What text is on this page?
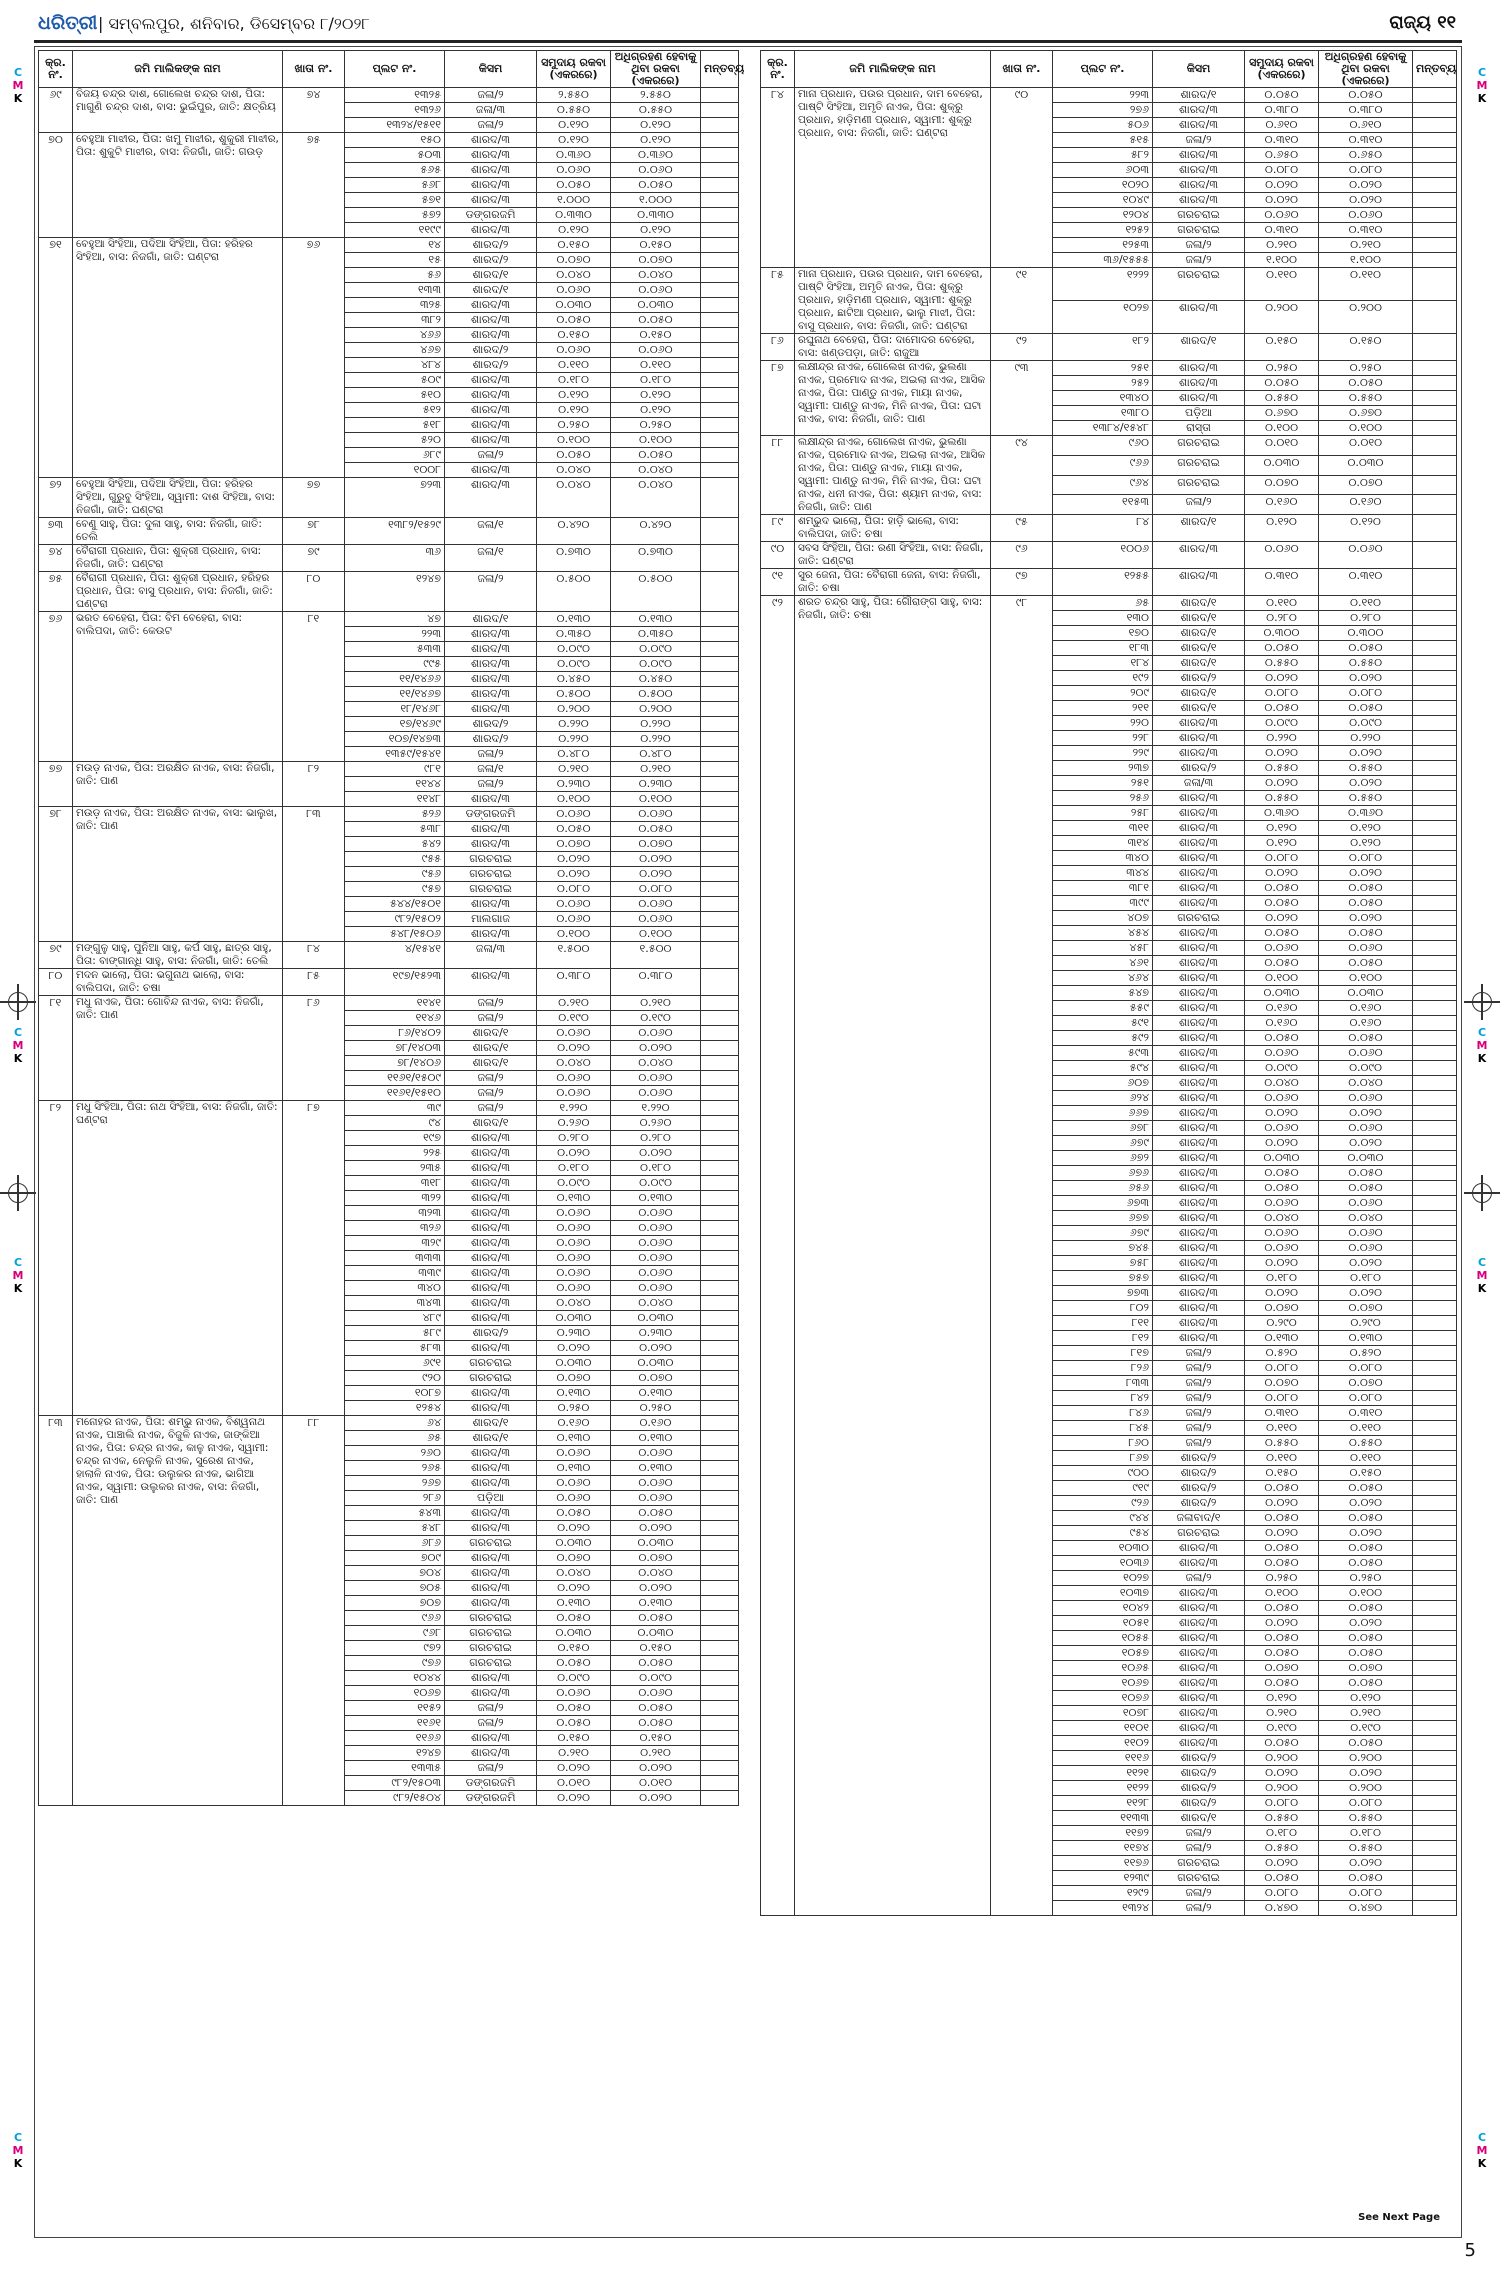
ଧରିତ୍ରୀ | ସମ୍ବଲପୁର, ଶନିବାର, ଡିସେମ୍ବର ୮/୨୦୨୮	ରାଜ୍ୟ ୧୧
କ୍ର. ନଂ.	ଜମି ମାଲିକଙ୍କ ନାମ	ଖାତା ନଂ.	ପ୍ଲଟ ନଂ.	କିସମ	ସମୁଦାୟ ରକବା (ଏକରରେ)	ଅଧିଗ୍ରହଣ ହେବାକୁ ଥିବା ରକବା (ଏକରରେ)	ମନ୍ତବ୍ୟ
୬୯	ବିଜୟ ଚନ୍ଦ୍ର ଦାଶ, ଗୋଲେଖ ଚନ୍ଦ୍ର ଦାଶ, ପିତା: ମାଗୁଣି ଚନ୍ଦ୍ର ଦାଶ, ବାସ: ଭୁଇଁପୁର, ଜାତି: କ୍ଷତ୍ରିୟ	୭୪	୧୩୨୫	ଜଳା/୨	୨.୫୫୦	୨.୫୫୦	
			୧୩୨୬	ଜଳା/୩	୦.୫୫୦	୦.୫୫୦	
			୧୩୨୪/୧୫୧୧	ଜଳା/୨	୦.୧୨୦	୦.୧୨୦	
୭୦	ବେହୁଆ ମାଝୀର, ପିତା: ଖମୁ ମାଝୀର, ଶୁକୁରୀ ମାଝୀର, ପିତା: ଶୁକୁଟି ମାଝୀର, ବାସ: ନିଜଗାଁ, ଜାତି: ଗଉଡ଼	୭୫	୧୫୦	ଶାରଦ/୩	୦.୧୨୦	୦.୧୨୦	
			୫୦୩	ଶାରଦ/୩	୦.୩୬୦	୦.୩୬୦	
			୫୬୫	ଶାରଦ/୩	୦.୦୬୦	୦.୦୬୦	
			୫୬୮	ଶାରଦ/୩	୦.୦୫୦	୦.୦୫୦	
			୫୭୧	ଶାରଦ/୩	୧.୦୦୦	୧.୦୦୦	
			୫୭୨	ଡଙ୍ଗରଜମି	୦.୩୩୦	୦.୩୩୦	
			୧୧୯୯	ଶାରଦ/୩	୦.୧୨୦	୦.୧୨୦	
୭୧	ବେହୁଆ ସିଂହିଆ, ପଦିଆ ସିଂହିଆ, ପିତା: ହରିହର ସିଂହିଆ, ବାସ: ନିଜଗାଁ, ଜାତି: ଘଣ୍ଟରା	୭୬	୧୪	ଶାରଦ/୨	୦.୧୫୦	୦.୧୫୦	
			୧୫	ଶାରଦ/୨	୦.୦୭୦	୦.୦୭୦	
			୫୬	ଶାରଦ/୧	୦.୦୪୦	୦.୦୪୦	
			୧୩୩	ଶାରଦ/୧	୦.୦୬୦	୦.୦୬୦	
			୩୨୫	ଶାରଦ/୩	୦.୦୩୦	୦.୦୩୦	
			୩୮୨	ଶାରଦ/୩	୦.୦୫୦	୦.୦୫୦	
			୪୬୬	ଶାରଦ/୩	୦.୧୫୦	୦.୧୫୦	
			୪୬୭	ଶାରଦ/୨	୦.୦୬୦	୦.୦୬୦	
			୪୮୪	ଶାରଦ/୨	୦.୧୧୦	୦.୧୧୦	
			୫୦୯	ଶାରଦ/୩	୦.୧୮୦	୦.୧୮୦	
			୫୧୦	ଶାରଦ/୩	୦.୧୨୦	୦.୧୨୦	
			୫୧୨	ଶାରଦ/୩	୦.୧୨୦	୦.୧୨୦	
			୫୧୮	ଶାରଦ/୩	୦.୨୫୦	୦.୨୫୦	
			୫୨୦	ଶାରଦ/୩	୦.୧୦୦	୦.୧୦୦	
			୬୮୯	ଜଳା/୨	୦.୦୫୦	୦.୦୫୦	
			୧୦୦୮	ଶାରଦ/୩	୦.୦୪୦	୦.୦୪୦	
୭୨	ବେହୁଆ ସିଂହିଆ, ପଦିଆ ସିଂହିଆ, ପିତା: ହରିହର ସିଂହିଆ, ଗୁରୁବୁ ସିଂହିଆ, ସ୍ୱାମୀ: ଦାଶ ସିଂହିଆ, ବାସ: ନିଜଗାଁ, ଜାତି: ଘଣ୍ଟରା	୭୭	୭୨୩	ଶାରଦ/୩	୦.୦୪୦	୦.୦୪୦	
୭୩	ବେଣୁ ସାହୁ, ପିତା: ଦୁଳା ସାହୁ, ବାସ: ନିଜଗାଁ, ଜାତି: ତେଲି	୭୮	୧୩୮୨/୧୫୨୯	ଜଳା/୧	୦.୪୨୦	୦.୪୨୦	
୭୪	ବୈରାଗୀ ପ୍ରଧାନ, ପିତା: ଶୁକ୍ରୀ ପ୍ରଧାନ, ବାସ: ନିଜଗାଁ, ଜାତି: ଘଣ୍ଟରା	୭୯	୩୬	ଜଳା/୧	୦.୭୩୦	୦.୭୩୦	
୭୫	ବୈରାଗୀ ପ୍ରଧାନ, ପିତା: ଶୁକ୍ରୀ ପ୍ରଧାନ, ହରିହର ପ୍ରଧାନ, ପିତା: ବାସୁ ପ୍ରଧାନ, ବାସ: ନିଜଗାଁ, ଜାତି: ଘଣ୍ଟରା	୮୦	୧୨୪୭	ଜଳା/୨	୦.୫୦୦	୦.୫୦୦	
୭୬	ଭରତ ବେହେରା, ପିତା: ବିମ ବେହେରା, ବାସ: ବାଲିପଦା, ଜାତି: କେଉଟ	୮୧	୪୭	ଶାରଦ/୧	୦.୧୩୦	୦.୧୩୦	
			୨୨୩	ଶାରଦ/୩	୦.୩୫୦	୦.୩୫୦	
			୫୩୩	ଶାରଦ/୩	୦.୦୯୦	୦.୦୯୦	
			୯୯୫	ଶାରଦ/୩	୦.୦୯୦	୦.୦୯୦	
			୧୧/୧୪୬୬	ଶାରଦ/୩	୦.୪୫୦	୦.୪୫୦	
			୧୧/୧୪୬୭	ଶାରଦ/୩	୦.୫୦୦	୦.୫୦୦	
			୧୮/୧୪୬୮	ଶାରଦ/୩	୦.୨୦୦	୦.୨୦୦	
			୧୭/୧୪୬୯	ଶାରଦ/୨	୦.୨୨୦	୦.୨୨୦	
			୧୦୭/୧୪୭୩	ଶାରଦ/୨	୦.୨୨୦	୦.୨୨୦	
			୧୩୫୯/୧୫୪୧	ଜଳା/୨	୦.୪୮୦	୦.୪୮୦	
୭୭	ମଉଡ଼ ନାଏକ, ପିତା: ଅରକ୍ଷିତ ନାଏକ, ବାସ: ନିଜଗାଁ, ଜାତି: ପାଣ	୮୨	୯୮୧	ଜଳା/୧	୦.୨୧୦	୦.୨୧୦	
			୧୧୪୪	ଜଳା/୨	୦.୨୩୦	୦.୨୩୦	
			୧୧୪୮	ଶାରଦ/୩	୦.୧୦୦	୦.୧୦୦	
୭୮	ମଉଡ଼ ନାଏକ, ପିତା: ଅରକ୍ଷିତ ନାଏକ, ବାସ: ଭାଲୁଖ, ଜାତି: ପାଣ	୮୩	୫୨୬	ଡଙ୍ଗରଜମି	୦.୦୬୦	୦.୦୬୦	
			୫୩୮	ଶାରଦ/୩	୦.୦୫୦	୦.୦୫୦	
			୫୪୨	ଶାରଦ/୩	୦.୦୭୦	୦.୦୭୦	
			୯୫୫	ଗରଚରାଇ	୦.୦୨୦	୦.୦୨୦	
			୯୫୬	ଗରଚରାଇ	୦.୦୨୦	୦.୦୨୦	
			୯୫୭	ଗରଚରାଇ	୦.୦୮୦	୦.୦୮୦	
			୫୪୪/୧୫୦୧	ଶାରଦ/୩	୦.୦୬୦	୦.୦୬୦	
			୯୮୨/୧୫୦୨	ମାଲଗାଜ	୦.୦୬୦	୦.୦୬୦	
			୫୪୮/୧୫୦୬	ଶାରଦ/୩	୦.୧୦୦	୦.୧୦୦	
୭୯	ମଙ୍ଗୁଳୁ ସାହୁ, ପୁନିଆ ସାହୁ, କର୍ପ ସାହୁ, ଛାତ୍ର ସାହୁ, ପିତା: ବାଙ୍ଗାନ୍ଧି ସାହୁ, ବାସ: ନିଜଗାଁ, ଜାତି: ତେଲି	୮୪	୪/୧୫୪୧	ଜଳା/୩	୧.୫୦୦	୧.୫୦୦	
୮୦	ମଦନ ଭାଲୋ, ପିତା: ଭଗୁନାଥ ଭାଲୋ, ବାସ: ବାଲିପଦା, ଜାତି: ଚଷା	୮୫	୧୯୭/୧୫୨୩	ଶାରଦ/୩	୦.୩୮୦	୦.୩୮୦	
୮୧	ମଧୁ ନାଏକ, ପିତା: ଗୋବିନ୍ଦ ନାଏକ, ବାସ: ନିଜଗାଁ, ଜାତି: ପାଣ	୮୬	୧୧୪୧	ଜଳା/୨	୦.୨୧୦	୦.୨୧୦	
			୧୧୪୬	ଜଳା/୨	୦.୧୯୦	୦.୧୯୦	
			୮୬/୧୪୦୨	ଶାରଦ/୧	୦.୦୬୦	୦.୦୬୦	
			୭୮/୧୪୦୩	ଶାରଦ/୧	୦.୦୨୦	୦.୦୨୦	
			୭୮/୧୪୦୬	ଶାରଦ/୧	୦.୦୪୦	୦.୦୪୦	
			୧୧୬୧/୧୫୦୯	ଜଳା/୨	୦.୦୬୦	୦.୦୬୦	
			୧୧୬୧/୧୫୧୦	ଜଳା/୨	୦.୦୬୦	୦.୦୬୦	
୮୨	ମଧୁ ସିଂହିଆ, ପିତା: ନାଥ ସିଂହିଆ, ବାସ: ନିଜଗାଁ, ଜାତି: ଘଣ୍ଟରା	୮୭	୩୯	ଜଳା/୨	୧.୨୨୦	୧.୨୨୦	
			୯୪	ଶାରଦ/୧	୦.୨୬୦	୦.୨୬୦	
			୧୯୭	ଶାରଦ/୩	୦.୨୮୦	୦.୨୮୦	
			୨୨୫	ଶାରଦ/୩	୦.୦୨୦	୦.୦୨୦	
			୨୩୫	ଶାରଦ/୩	୦.୧୮୦	୦.୧୮୦	
			୩୧୮	ଶାରଦ/୩	୦.୦୯୦	୦.୦୯୦	
			୩୨୨	ଶାରଦ/୩	୦.୧୩୦	୦.୧୩୦	
			୩୨୩	ଶାରଦ/୩	୦.୦୬୦	୦.୦୬୦	
			୩୨୬	ଶାରଦ/୩	୦.୦୬୦	୦.୦୬୦	
			୩୨୯	ଶାରଦ/୩	୦.୦୬୦	୦.୦୬୦	
			୩୩୩	ଶାରଦ/୩	୦.୦୬୦	୦.୦୬୦	
			୩୩୯	ଶାରଦ/୩	୦.୦୬୦	୦.୦୬୦	
			୩୪୦	ଶାରଦ/୩	୦.୦୬୦	୦.୦୬୦	
			୩୪୩	ଶାରଦ/୩	୦.୦୪୦	୦.୦୪୦	
			୪୮୯	ଶାରଦ/୩	୦.୦୩୦	୦.୦୩୦	
			୫୮୯	ଶାରଦ/୨	୦.୨୩୦	୦.୨୩୦	
			୫୮୩	ଶାରଦ/୩	୦.୦୨୦	୦.୦୨୦	
			୬୯୧	ଗରଚରାଇ	୦.୦୩୦	୦.୦୩୦	
			୯୨୦	ଗରଚରାଇ	୦.୦୭୦	୦.୦୭୦	
			୧୦୮୭	ଶାରଦ/୩	୦.୧୩୦	୦.୧୩୦	
			୧୨୫୪	ଶାରଦ/୩	୦.୨୫୦	୦.୨୫୦	
୮୩	ମନୋହର ନାଏକ, ପିତା: ଶମ୍ଭୁ ନାଏକ, ବିଶ୍ୱନାଥ ନାଏକ, ପାଞ୍ଚାଲି ନାଏକ, ବିଜୁଳି ନାଏକ, ଜାଙ୍କିଆ ନାଏକ, ପିତା: ଚନ୍ଦ୍ର ନାଏକ, କାଳୁ ନାଏକ, ସ୍ୱାମୀ: ଚନ୍ଦ୍ର ନାଏକ, ନେଲୁଳି ନାଏକ, ସୁରେଶ ନାଏକ, ହାଲାଳି ନାଏକ, ପିତା: ଉଲୁକର ନାଏକ, ଭାଗିଆ ନାଏକ, ସ୍ୱାମୀ: ଉଲୁକର ନାଏକ, ବାସ: ନିଜଗାଁ, ଜାତି: ପାଣ	୮୮	୬୪	ଶାରଦ/୧	୦.୧୬୦	୦.୧୬୦	
			୬୫	ଶାରଦ/୧	୦.୧୩୦	୦.୧୩୦	
			୨୬୦	ଶାରଦ/୩	୦.୦୬୦	୦.୦୬୦	
			୨୬୫	ଶାରଦ/୩	୦.୧୩୦	୦.୧୩୦	
			୨୬୭	ଶାରଦ/୩	୦.୦୬୦	୦.୦୬୦	
			୨୮୬	ପଡ଼ିଆ	୦.୦୬୦	୦.୦୬୦	
			୫୪୩	ଶାରଦ/୩	୦.୦୫୦	୦.୦୫୦	
			୫୪୮	ଶାରଦ/୩	୦.୦୨୦	୦.୦୨୦	
			୬୮୬	ଗରଚରାଇ	୦.୦୩୦	୦.୦୩୦	
			୭୦୯	ଶାରଦ/୩	୦.୦୭୦	୦.୦୭୦	
			୭୦୪	ଶାରଦ/୩	୦.୦୪୦	୦.୦୪୦	
			୭୦୫	ଶାରଦ/୩	୦.୦୨୦	୦.୦୨୦	
			୭୦୭	ଶାରଦ/୩	୦.୧୩୦	୦.୧୩୦	
			୯୬୬	ଗରଚରାଇ	୦.୦୫୦	୦.୦୫୦	
			୯୬୮	ଗରଚରାଇ	୦.୦୩୦	୦.୦୩୦	
			୯୭୨	ଗରଚରାଇ	୦.୧୫୦	୦.୧୫୦	
			୯୭୬	ଗରଚରାଇ	୦.୦୫୦	୦.୦୫୦	
			୧୦୪୪	ଶାରଦ/୩	୦.୦୯୦	୦.୦୯୦	
			୧୦୬୭	ଶାରଦ/୩	୦.୦୬୦	୦.୦୬୦	
			୧୧୫୨	ଜଳା/୨	୦.୦୫୦	୦.୦୫୦	
			୧୧୬୧	ଜଳା/୨	୦.୦୫୦	୦.୦୫୦	
			୧୧୬୬	ଶାରଦ/୩	୦.୧୫୦	୦.୧୫୦	
			୧୨୪୭	ଶାରଦ/୩	୦.୨୧୦	୦.୨୧୦	
			୧୩୩୫	ଜଳା/୨	୦.୦୨୦	୦.୦୨୦	
			୯୮୨/୧୫୦୩	ଡଙ୍ଗରଜମି	୦.୦୧୦	୦.୦୧୦	
			୯୮୨/୧୫୦୪	ଡଙ୍ଗରଜମି	୦.୦୨୦	୦.୦୨୦	
କ୍ର. ନଂ.	ଜମି ମାଲିକଙ୍କ ନାମ	ଖାତା ନଂ.	ପ୍ଲଟ ନଂ.	କିସମ	ସମୁଦାୟ ରକବା (ଏକରରେ)	ଅଧିଗ୍ରହଣ ହେବାକୁ ଥିବା ରକବା (ଏକରରେ)	ମନ୍ତବ୍ୟ
୮୪	ମାନା ପ୍ରଧାନ, ପଉର ପ୍ରଧାନ, ଦାମ ବେହେରା, ପାଷ୍ଟି ସିଂହିଆ, ଅମୃତି ନାଏକ, ପିତା: ଶୁକ୍ରୁ ପ୍ରଧାନ, ହାଡ଼ିମଣୀ ପ୍ରଧାନ, ସ୍ୱାମୀ: ଶୁକ୍ରୁ ପ୍ରଧାନ, ବାସ: ନିଜଗାଁ, ଜାତି: ଘଣ୍ଟରା	୯୦	୨୨୩	ଶାରଦ/୧	୦.୦୫୦	୦.୦୫୦	
			୨୭୬	ଶାରଦ/୩	୦.୩୮୦	୦.୩୮୦	
			୫୦୬	ଶାରଦ/୩	୦.୬୧୦	୦.୬୧୦	
			୫୧୫	ଜଳା/୨	୦.୩୧୦	୦.୩୧୦	
			୫୮୨	ଶାରଦ/୩	୦.୬୫୦	୦.୬୫୦	
			୬୦୩	ଶାରଦ/୩	୦.୦୮୦	୦.୦୮୦	
			୧୦୨୦	ଶାରଦ/୩	୦.୦୨୦	୦.୦୨୦	
			୧୦୪୯	ଶାରଦ/୩	୦.୦୨୦	୦.୦୨୦	
			୧୨୦୪	ଗରଚରାଇ	୦.୦୬୦	୦.୦୬୦	
			୧୨୫୨	ଗରଚରାଇ	୦.୩୧୦	୦.୩୧୦	
			୧୨୫୩	ଜଳା/୨	୦.୨୧୦	୦.୨୧୦	
			୩୬/୧୫୫୫	ଜଳା/୨	୧.୧୦୦	୧.୧୦୦	
୮୫	ମାନା ପ୍ରଧାନ, ପଉର ପ୍ରଧାନ, ଦାମ ବେହେରା, ପାଷ୍ଟି ସିଂହିଆ, ଅମୃତି ନାଏକ, ପିତା: ଶୁକ୍ରୁ ପ୍ରଧାନ, ହାଡ଼ିମଣୀ ପ୍ରଧାନ, ସ୍ୱାମୀ: ଶୁକ୍ରୁ ପ୍ରଧାନ, ଛାଟିଆ ପ୍ରଧାନ, ଭାଲୁ ମାଝୀ, ପିତା: ବାସୁ ପ୍ରଧାନ, ବାସ: ନିଜଗାଁ, ଜାତି: ଘଣ୍ଟରା	୯୧	୧୨୨୨	ଗରଚରାଇ	୦.୧୧୦	୦.୧୧୦	
			୧୦୨୭	ଶାରଦ/୩	୦.୨୦୦	୦.୨୦୦	
୮୬	ରଘୁନାଥ ବେହେରା, ପିତା: ଦାମୋଦର ବେହେରା, ବାସ: ଖଣ୍ଡପଡ଼ା, ଜାତି: ରାଜୁଆ	୯୨	୧୮୨	ଶାରଦ/୧	୦.୧୫୦	୦.୧୫୦	
୮୭	ଲକ୍ଷୀନ୍ଦ୍ର ନାଏକ, ଗୋଲେଖ ନାଏକ, ଭୁଲଣା ନାଏକ, ପ୍ରମୋଦ ନାଏକ, ଅଇଲା ନାଏକ, ଆସିକ ନାଏକ, ପିତା: ପାଣ୍ଡୁ ନାଏକ, ମାୟା ନାଏକ, ସ୍ୱାମୀ: ପାଣ୍ଡୁ ନାଏକ, ମିନି ନାଏକ, ପିତା: ଘଟା ନାଏକ, ବାସ: ନିଜଗାଁ, ଜାତି: ପାଣ	୯୩	୨୫୧	ଶାରଦ/୩	୦.୨୫୦	୦.୨୫୦	
			୨୫୨	ଶାରଦ/୩	୦.୦୫୦	୦.୦୫୦	
			୧୩୪୦	ଶାରଦ/୩	୦.୫୫୦	୦.୫୫୦	
			୧୩୮୦	ପଡ଼ିଆ	୦.୬୭୦	୦.୬୭୦	
			୧୩୮୪/୧୫୪୮	ରାସ୍ତା	୦.୧୦୦	୦.୧୦୦	
୮୮	ଲକ୍ଷୀନ୍ଦ୍ର ନାଏକ, ଗୋଲେଖ ନାଏକ, ଭୁଲଣା ନାଏକ, ପ୍ରମୋଦ ନାଏକ, ଅଇଲା ନାଏକ, ଆସିକ ନାଏକ, ପିତା: ପାଣ୍ଡୁ ନାଏକ, ମାୟା ନାଏକ, ସ୍ୱାମୀ: ପାଣ୍ଡୁ ନାଏକ, ମିନି ନାଏକ, ପିତା: ଘଟା ନାଏକ, ଧନୀ ନାଏକ, ପିତା: ଶ୍ୟାମ ନାଏକ, ବାସ: ନିଜଗାଁ, ଜାତି: ପାଣ	୯୪	୯୬୦	ଗରଚରାଇ	୦.୦୧୦	୦.୦୧୦	
			୯୬୬	ଗରଚରାଇ	୦.୦୩୦	୦.୦୩୦	
			୯୬୪	ଗରଚରାଇ	୦.୦୭୦	୦.୦୭୦	
			୧୧୫୩	ଜଳା/୨	୦.୧୬୦	୦.୧୬୦	
୮୯	ଶମ୍ଭୁଦ ଭାଲୋ, ପିତା: ହାଡ଼ି ଭାଲୋ, ବାସ: ବାଲିପଦା, ଜାତି: ଚଷା	୯୫	୮୪	ଶାରଦ/୧	୦.୧୨୦	୦.୧୨୦	
୯୦	ସବସ ସିଂହିଆ, ପିତା: ରଣୀ ସିଂହିଆ, ବାସ: ନିଜଗାଁ, ଜାତି: ଘଣ୍ଟରା	୯୬	୧୦୦୬	ଶାରଦ/୩	୦.୦୬୦	୦.୦୬୦	
୯୧	ସୁର ଜେନା, ପିତା: ବୈରାଗୀ ଜେନା, ବାସ: ନିଜଗାଁ, ଜାତି: ଚଷା	୯୭	୧୨୫୫	ଶାରଦ/୩	୦.୩୧୦	୦.୩୧୦	
୯୨	ଶରତ ଚନ୍ଦ୍ର ସାହୁ, ପିତା: ଗୌରାଙ୍ଗ ସାହୁ, ବାସ: ନିଜଗାଁ, ଜାତି: ଚଷା	୯୮	୬୫	ଶାରଦ/୧	୦.୧୧୦	୦.୧୧୦	
			୧୩୦	ଶାରଦ/୧	୦.୨୮୦	୦.୨୮୦	
			୧୭୦	ଶାରଦ/୧	୦.୩୦୦	୦.୩୦୦	
			୧୮୩	ଶାରଦ/୧	୦.୦୫୦	୦.୦୫୦	
			୧୮୪	ଶାରଦ/୧	୦.୫୫୦	୦.୫୫୦	
			୧୯୨	ଶାରଦ/୨	୦.୦୨୦	୦.୦୨୦	
			୨୦୯	ଶାରଦ/୧	୦.୦୮୦	୦.୦୮୦	
			୨୧୧	ଶାରଦ/୧	୦.୦୫୦	୦.୦୫୦	
			୨୨୦	ଶାରଦ/୩	୦.୦୯୦	୦.୦୯୦	
			୨୨୮	ଶାରଦ/୩	୦.୨୨୦	୦.୨୨୦	
			୨୨୯	ଶାରଦ/୩	୦.୦୨୦	୦.୦୨୦	
			୨୩୭	ଶାରଦ/୨	୦.୫୫୦	୦.୫୫୦	
			୨୫୧	ଜଳା/୩	୦.୦୨୦	୦.୦୨୦	
			୨୫୬	ଶାରଦ/୩	୦.୫୫୦	୦.୫୫୦	
			୨୫୮	ଶାରଦ/୩	୦.୩୬୦	୦.୩୬୦	
			୩୧୧	ଶାରଦ/୩	୦.୧୨୦	୦.୧୨୦	
			୩୧୪	ଶାରଦ/୩	୦.୧୨୦	୦.୧୨୦	
			୩୪୦	ଶାରଦ/୩	୦.୦୮୦	୦.୦୮୦	
			୩୪୪	ଶାରଦ/୩	୦.୦୨୦	୦.୦୨୦	
			୩୮୧	ଶାରଦ/୩	୦.୦୫୦	୦.୦୫୦	
			୩୯୯	ଶାରଦ/୩	୦.୦୫୦	୦.୦୫୦	
			୪୦୭	ଗରଚରାଇ	୦.୦୨୦	୦.୦୨୦	
			୪୫୪	ଶାରଦ/୩	୦.୦୫୦	୦.୦୫୦	
			୪୫୮	ଶାରଦ/୩	୦.୦୬୦	୦.୦୬୦	
			୪୬୧	ଶାରଦ/୩	୦.୦୫୦	୦.୦୫୦	
			୪୬୪	ଶାରଦ/୩	୦.୧୦୦	୦.୧୦୦	
			୫୪୭	ଶାରଦ/୩	୦.୦୩୦	୦.୦୩୦	
			୫୫୯	ଶାରଦ/୩	୦.୧୬୦	୦.୧୬୦	
			୫୯୧	ଶାରଦ/୩	୦.୧୬୦	୦.୧୬୦	
			୫୯୨	ଶାରଦ/୩	୦.୦୫୦	୦.୦୫୦	
			୫୯୩	ଶାରଦ/୩	୦.୦୬୦	୦.୦୬୦	
			୫୯୪	ଶାରଦ/୩	୦.୦୯୦	୦.୦୯୦	
			୬୦୭	ଶାରଦ/୩	୦.୦୪୦	୦.୦୪୦	
			୬୨୪	ଶାରଦ/୩	୦.୦୬୦	୦.୦୬୦	
			୬୬୭	ଶାରଦ/୩	୦.୦୨୦	୦.୦୨୦	
			୬୭୮	ଶାରଦ/୩	୦.୦୬୦	୦.୦୬୦	
			୬୭୯	ଶାରଦ/୩	୦.୦୨୦	୦.୦୨୦	
			୬୭୨	ଶାରଦ/୩	୦.୦୩୦	୦.୦୩୦	
			୬୭୬	ଶାରଦ/୩	୦.୦୫୦	୦.୦୫୦	
			୬୫୬	ଶାରଦ/୩	୦.୦୫୦	୦.୦୫୦	
			୬୭୩	ଶାରଦ/୩	୦.୦୬୦	୦.୦୬୦	
			୬୭୭	ଶାରଦ/୩	୦.୦୪୦	୦.୦୪୦	
			୬୭୯	ଶାରଦ/୩	୦.୦୬୦	୦.୦୬୦	
			୭୪୫	ଶାରଦ/୩	୦.୦୬୦	୦.୦୬୦	
			୭୫୮	ଶାରଦ/୩	୦.୦୨୦	୦.୦୨୦	
			୭୫୭	ଶାରଦ/୩	୦.୧୮୦	୦.୧୮୦	
			୭୭୩	ଶାରଦ/୩	୦.୦୨୦	୦.୦୨୦	
			୮୦୨	ଶାରଦ/୩	୦.୦୭୦	୦.୦୭୦	
			୮୧୧	ଶାରଦ/୩	୦.୨୯୦	୦.୨୯୦	
			୮୧୨	ଶାରଦ/୩	୦.୧୩୦	୦.୧୩୦	
			୮୧୭	ଜଳା/୨	୦.୫୨୦	୦.୫୨୦	
			୮୨୬	ଜଳା/୨	୦.୦୮୦	୦.୦୮୦	
			୮୩୩	ଜଳା/୨	୦.୦୭୦	୦.୦୭୦	
			୮୪୨	ଜଳା/୨	୦.୦୮୦	୦.୦୮୦	
			୮୪୬	ଜଳା/୨	୦.୩୧୦	୦.୩୧୦	
			୮୪୫	ଜଳା/୨	୦.୧୧୦	୦.୧୧୦	
			୮୬୦	ଜଳା/୨	୦.୫୫୦	୦.୫୫୦	
			୮୬୭	ଶାରଦ/୨	୦.୧୧୦	୦.୧୧୦	
			୯୦୦	ଶାରଦ/୨	୦.୧୫୦	୦.୧୫୦	
			୯୧୯	ଶାରଦ/୨	୦.୦୫୦	୦.୦୫୦	
			୯୨୬	ଶାରଦ/୨	୦.୦୨୦	୦.୦୨୦	
			୯୪୪	ଜଳାବାଦ/୧	୦.୦୫୦	୦.୦୫୦	
			୯୫୪	ଗରଚରାଇ	୦.୦୨୦	୦.୦୨୦	
			୧୦୩୦	ଶାରଦ/୩	୦.୦୫୦	୦.୦୫୦	
			୧୦୩୬	ଶାରଦ/୩	୦.୦୫୦	୦.୦୫୦	
			୧୦୨୭	ଜଳା/୨	୦.୨୫୦	୦.୨୫୦	
			୧୦୩୭	ଶାରଦ/୩	୦.୧୦୦	୦.୧୦୦	
			୧୦୪୨	ଶାରଦ/୩	୦.୦୫୦	୦.୦୫୦	
			୧୦୫୧	ଶାରଦ/୩	୦.୦୨୦	୦.୦୨୦	
			୧୦୫୫	ଶାରଦ/୩	୦.୦୫୦	୦.୦୫୦	
			୧୦୫୭	ଶାରଦ/୩	୦.୦୫୦	୦.୦୫୦	
			୧୦୬୫	ଶାରଦ/୩	୦.୦୭୦	୦.୦୭୦	
			୧୦୬୭	ଶାରଦ/୩	୦.୦୫୦	୦.୦୫୦	
			୧୦୭୬	ଶାରଦ/୩	୦.୧୨୦	୦.୧୨୦	
			୧୦୭୮	ଶାରଦ/୩	୦.୨୧୦	୦.୨୧୦	
			୧୧୦୧	ଶାରଦ/୩	୦.୧୯୦	୦.୧୯୦	
			୧୧୦୨	ଶାରଦ/୩	୦.୦୫୦	୦.୦୫୦	
			୧୧୧୬	ଶାରଦ/୨	୦.୨୦୦	୦.୨୦୦	
			୧୧୨୧	ଶାରଦ/୨	୦.୦୨୦	୦.୦୨୦	
			୧୧୨୨	ଶାରଦ/୨	୦.୨୦୦	୦.୨୦୦	
			୧୧୨୮	ଶାରଦ/୨	୦.୦୮୦	୦.୦୮୦	
			୧୧୩୩	ଶାରଦ/୧	୦.୫୫୦	୦.୫୫୦	
			୧୧୭୨	ଜଳା/୨	୦.୧୮୦	୦.୧୮୦	
			୧୧୭୪	ଜଳା/୨	୦.୫୫୦	୦.୫୫୦	
			୧୧୭୬	ଗରଚରାଇ	୦.୦୨୦	୦.୦୨୦	
			୧୨୩୯	ଗରଚରାଇ	୦.୦୫୦	୦.୦୫୦	
			୧୨୯୨	ଜଳା/୨	୦.୦୮୦	୦.୦୮୦	
			୧୩୨୪	ଜଳା/୨	୦.୪୭୦	୦.୪୭୦	
See Next Page
5
C
M
K
C
M
K
C
M
K
C
M
K
C
M
K
C
M
K
C
M
K
C
M
K
